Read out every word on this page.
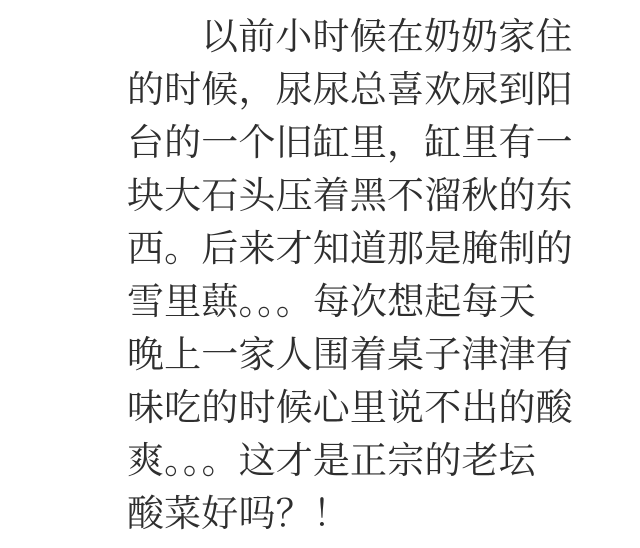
以前小时候在奶奶家住
的时候，尿尿总喜欢尿到阳
台的一个旧缸里，缸里有一
块大石头压着黑不溜秋的东
西。后来才知道那是腌制的
雪里蕻。。。每次想起每天
晚上一家人围着桌子津津有
味吃的时候心里说不出的酸
爽。。。这才是正宗的老坛
酸菜好吗？！
